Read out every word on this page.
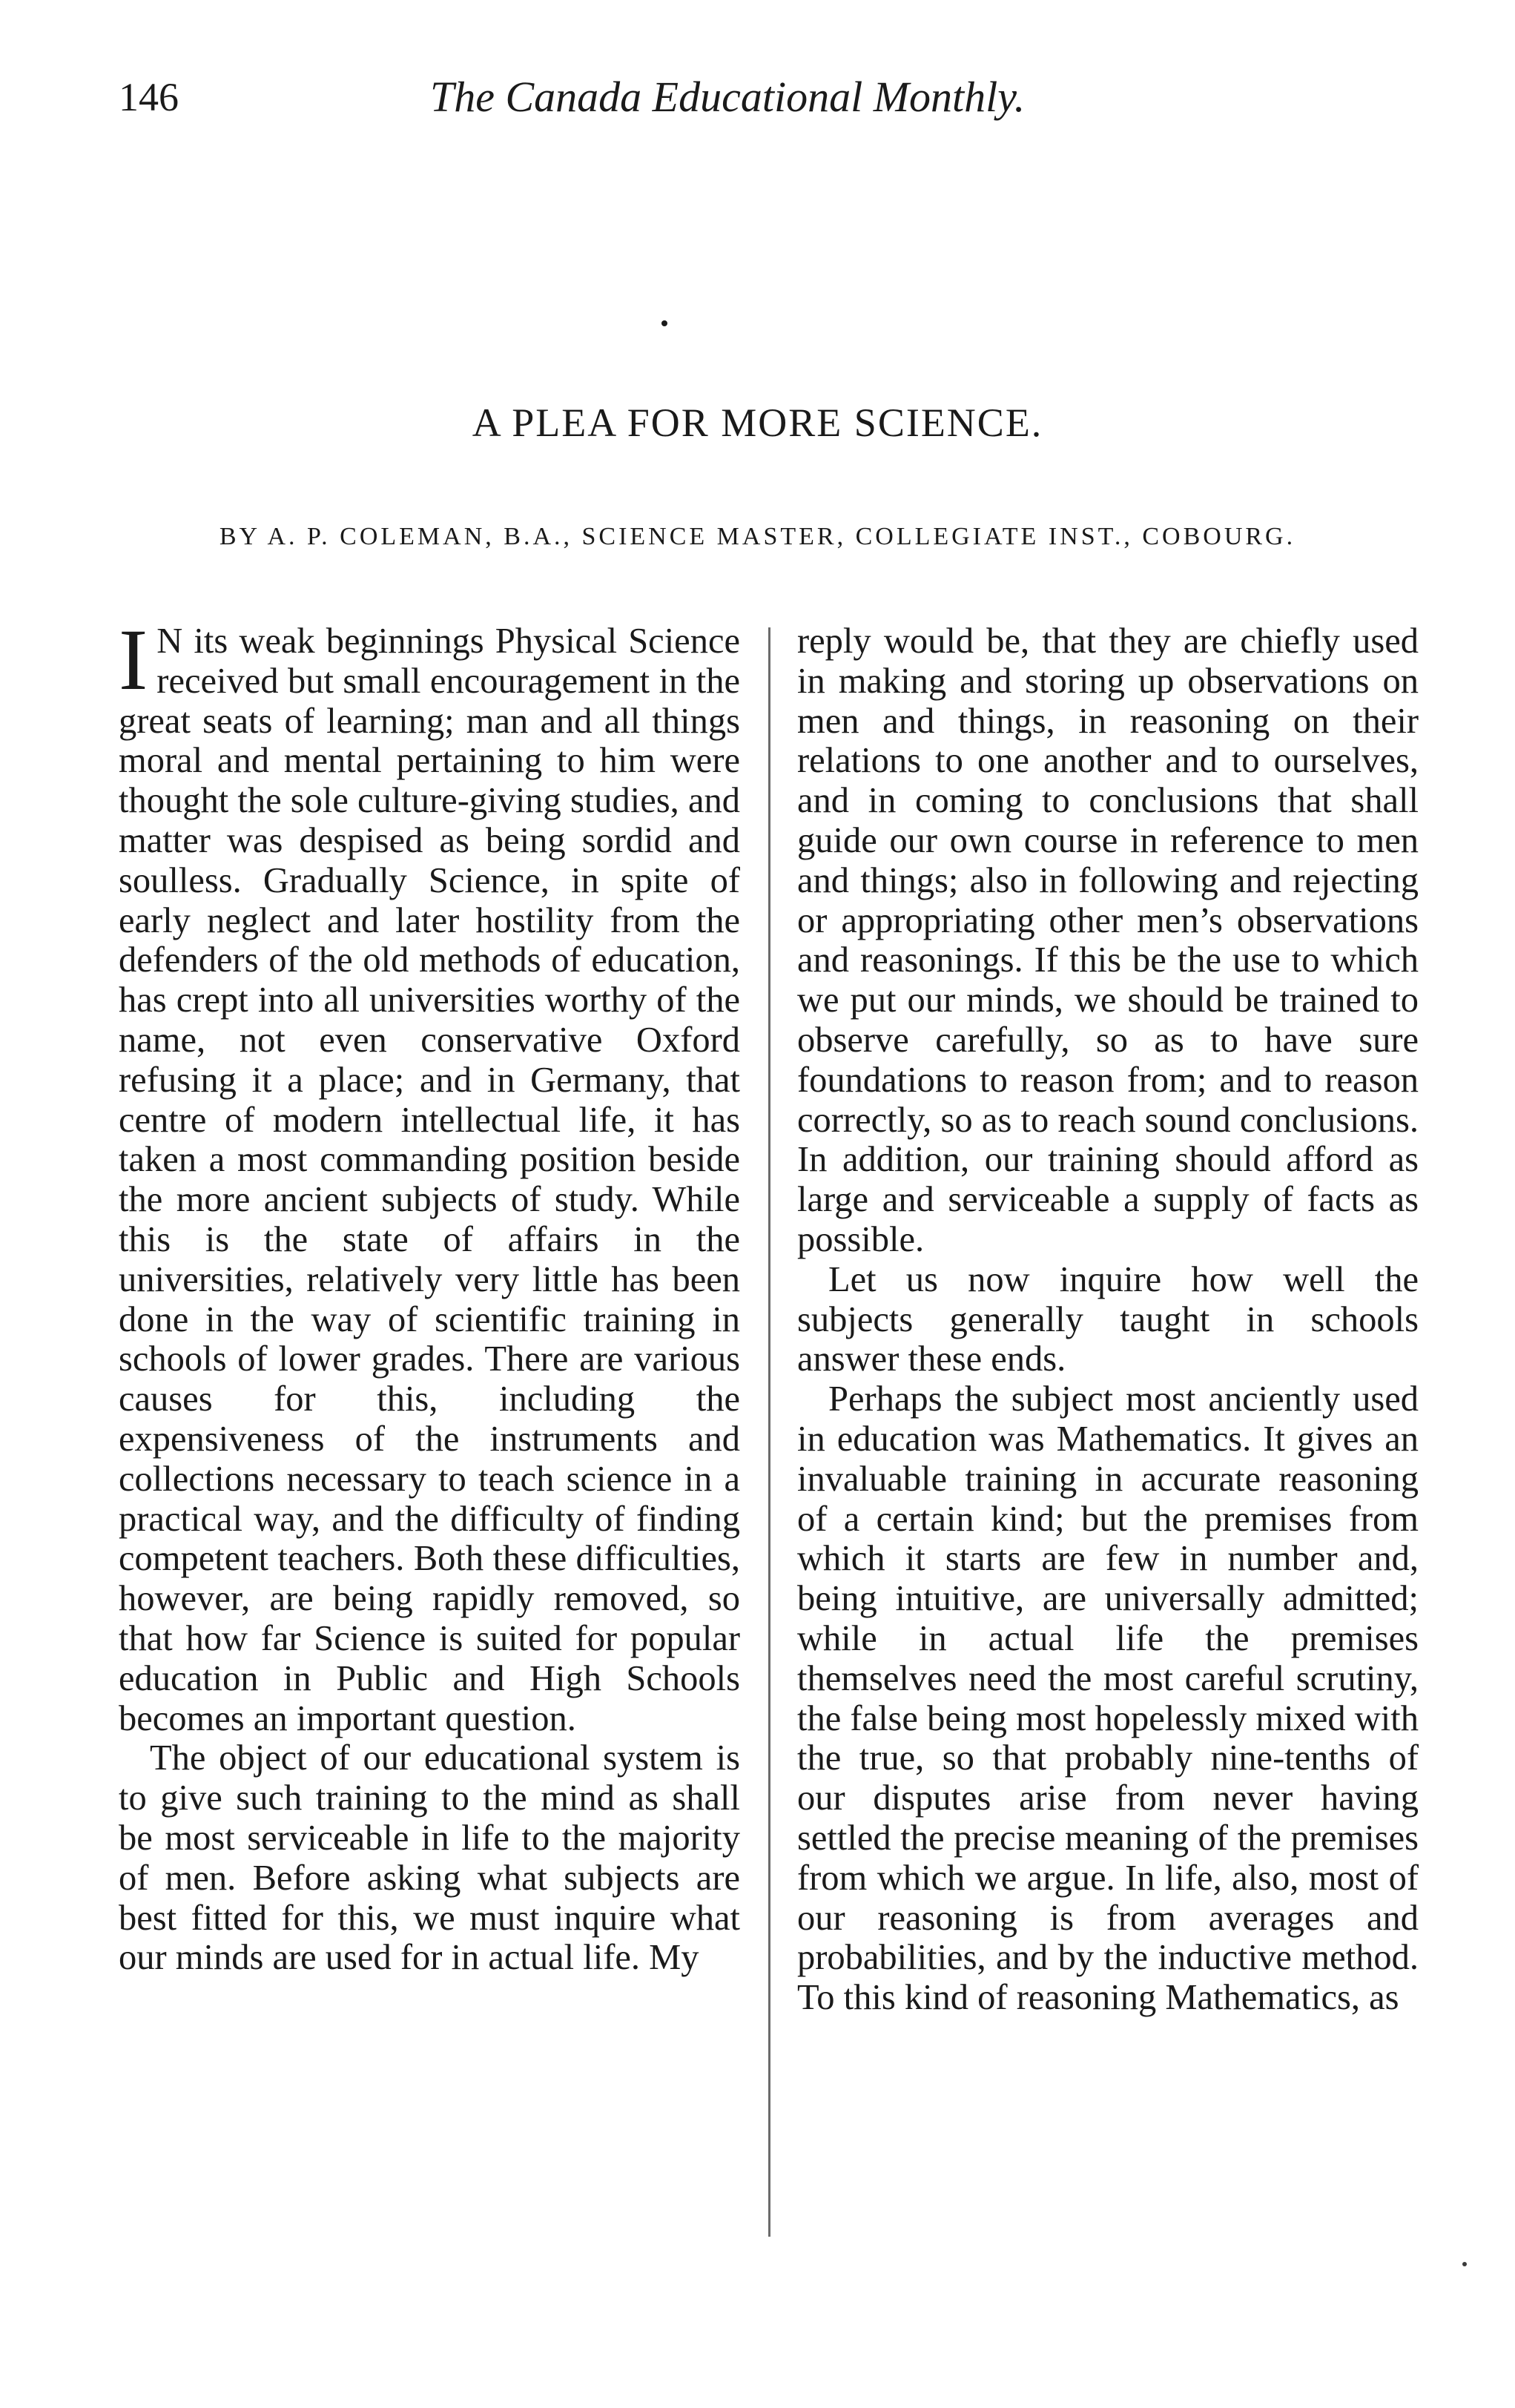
146	The Canada Educational Monthly.
A PLEA FOR MORE SCIENCE.
BY A. P. COLEMAN, B.A., SCIENCE MASTER, COLLEGIATE INST., COBOURG.

I N its weak beginnings Physical Science received but small encouragement in the great seats of learning; man and all things moral and mental pertaining to him were thought the sole culture-giving studies, and matter was despised as being sordid and soulless. Gradually Science, in spite of early neglect and later hostility from the defenders of the old methods of education, has crept into all universities worthy of the name, not even conservative Oxford refusing it a place; and in Germany, that centre of modern intellectual life, it has taken a most commanding position beside the more ancient subjects of study. While this is the state of affairs in the universities, relatively very little has been done in the way of scientific training in schools of lower grades. There are various causes for this, including the expensiveness of the instruments and collections necessary to teach science in a practical way, and the difficulty of finding competent teachers. Both these difficulties, however, are being rapidly removed, so that how far Science is suited for popular education in Public and High Schools becomes an important question.

The object of our educational system is to give such training to the mind as shall be most serviceable in life to the majority of men. Before asking what subjects are best fitted for this, we must inquire what our minds are used for in actual life. My

reply would be, that they are chiefly used in making and storing up observations on men and things, in reasoning on their relations to one another and to ourselves, and in coming to conclusions that shall guide our own course in reference to men and things; also in following and rejecting or appropriating other men’s observations and reasonings. If this be the use to which we put our minds, we should be trained to observe carefully, so as to have sure foundations to reason from; and to reason correctly, so as to reach sound conclusions. In addition, our training should afford as large and serviceable a supply of facts as possible.

Let us now inquire how well the subjects generally taught in schools answer these ends.

Perhaps the subject most anciently used in education was Mathematics. It gives an invaluable training in accurate reasoning of a certain kind; but the premises from which it starts are few in number and, being intuitive, are universally admitted; while in actual life the premises themselves need the most careful scrutiny, the false being most hopelessly mixed with the true, so that probably nine-tenths of our disputes arise from never having settled the precise meaning of the premises from which we argue. In life, also, most of our reasoning is from averages and probabilities, and by the inductive method. To this kind of reasoning Mathematics, as
